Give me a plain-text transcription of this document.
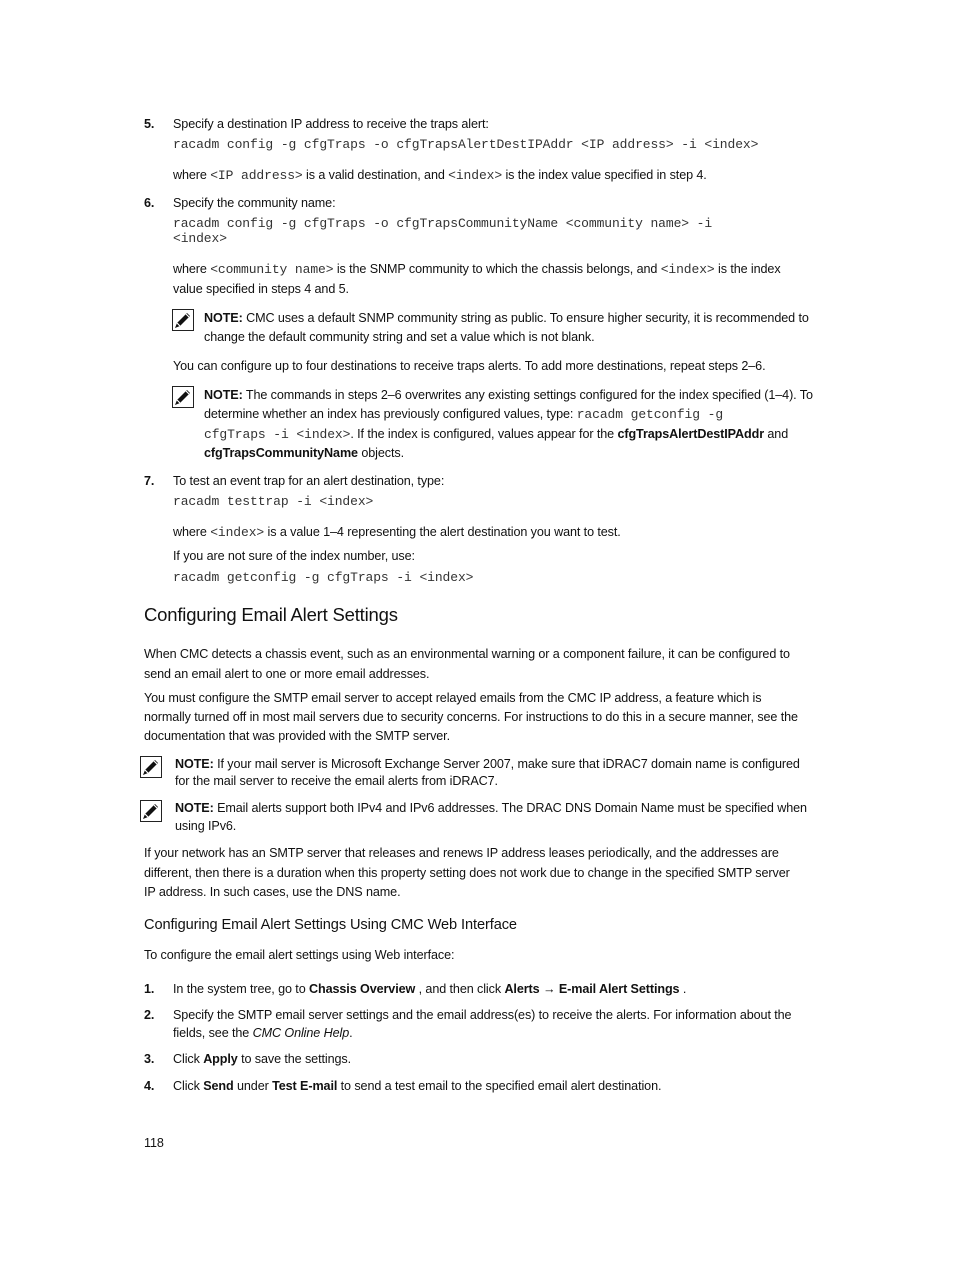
5. Specify a destination IP address to receive the traps alert:
racadm config -g cfgTraps -o cfgTrapsAlertDestIPAddr <IP address> -i <index>
where <IP address> is a valid destination, and <index> is the index value specified in step 4.
6. Specify the community name:
racadm config -g cfgTraps -o cfgTrapsCommunityName <community name> -i
<index>
where <community name> is the SNMP community to which the chassis belongs, and <index> is the index
value specified in steps 4 and 5.
NOTE: CMC uses a default SNMP community string as public. To ensure higher security, it is recommended to
change the default community string and set a value which is not blank.
You can configure up to four destinations to receive traps alerts. To add more destinations, repeat steps 2–6.
NOTE: The commands in steps 2–6 overwrites any existing settings configured for the index specified (1–4). To
determine whether an index has previously configured values, type: racadm getconfig -g
cfgTraps -i <index>. If the index is configured, values appear for the cfgTrapsAlertDestIPAddr and
cfgTrapsCommunityName objects.
7. To test an event trap for an alert destination, type:
racadm testtrap -i <index>
where <index> is a value 1–4 representing the alert destination you want to test.
If you are not sure of the index number, use:
racadm getconfig -g cfgTraps -i <index>
Configuring Email Alert Settings
When CMC detects a chassis event, such as an environmental warning or a component failure, it can be configured to
send an email alert to one or more email addresses.
You must configure the SMTP email server to accept relayed emails from the CMC IP address, a feature which is
normally turned off in most mail servers due to security concerns. For instructions to do this in a secure manner, see the
documentation that was provided with the SMTP server.
NOTE: If your mail server is Microsoft Exchange Server 2007, make sure that iDRAC7 domain name is configured
for the mail server to receive the email alerts from iDRAC7.
NOTE: Email alerts support both IPv4 and IPv6 addresses. The DRAC DNS Domain Name must be specified when
using IPv6.
If your network has an SMTP server that releases and renews IP address leases periodically, and the addresses are
different, then there is a duration when this property setting does not work due to change in the specified SMTP server
IP address. In such cases, use the DNS name.
Configuring Email Alert Settings Using CMC Web Interface
To configure the email alert settings using Web interface:
1. In the system tree, go to Chassis Overview , and then click Alerts → E-mail Alert Settings .
2. Specify the SMTP email server settings and the email address(es) to receive the alerts. For information about the
fields, see the CMC Online Help.
3. Click Apply to save the settings.
4. Click Send under Test E-mail to send a test email to the specified email alert destination.
118
